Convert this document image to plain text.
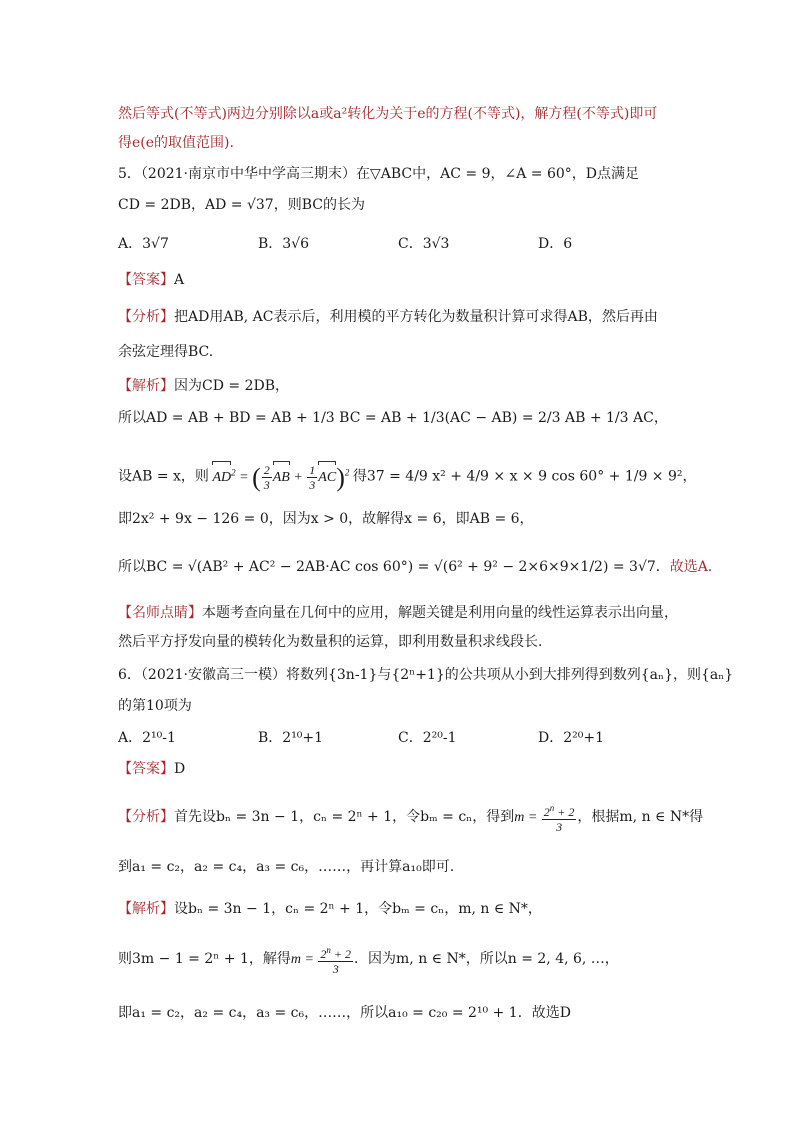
然后等式(不等式)两边分别除以a或a²转化为关于e的方程(不等式)，解方程(不等式)即可
得e(e的取值范围).
5．（2021·南京市中华中学高三期末）在▽ABC中，AC = 9，∠A = 60°，D点满足
CD = 2DB，AD = √37，则BC的长为
A．3√7	B．3√6	C．3√3	D．6
【答案】A
【分析】把AD用AB, AC表示后，利用模的平方转化为数量积计算可求得AB，然后再由
余弦定理得BC.
【解析】因为CD = 2DB，
所以AD = AB + BD = AB + 1/3 BC = AB + 1/3(AC − AB) = 2/3 AB + 1/3 AC，
设AB = x，则 $AD^2$ = ( $\frac{2}{3}$ AB + $\frac{1}{3} AC)^2$ 得37 = 4/9 x² + 4/9 × x × 9 cos 60° + 1/9 × 9²，
即2x² + 9x − 126 = 0，因为x > 0，故解得x = 6，即AB = 6，
所以BC = √(AB² + AC² − 2AB·AC cos 60°) = √(6² + 9² − 2×6×9×1/2) = 3√7．故选A．
【名师点睛】本题考查向量在几何中的应用，解题关键是利用向量的线性运算表示出向量，
然后平方抒发向量的模转化为数量积的运算，即利用数量积求线段长.
6．（2021·安徽高三一模）将数列{3n-1}与{2ⁿ+1}的公共项从小到大排列得到数列{aₙ}，则{aₙ}
的第10项为
A．2¹⁰-1	B．2¹⁰+1	C．2²⁰-1	D．2²⁰+1
【答案】D
【分析】首先设bₙ = 3n − 1，cₙ = 2ⁿ + 1，令bₘ = cₙ，得到$m = \frac{2^n + 2}{3}$ ，根据m, n ∈ N*得
到a₁ = c₂，a₂ = c₄，a₃ = c₆，……，再计算a₁₀即可.
【解析】设bₙ = 3n − 1，cₙ = 2ⁿ + 1，令bₘ = cₙ，m, n ∈ N*，
则3m − 1 = 2ⁿ + 1，解得$m = \frac{2^n + 2}{3}$ ．因为m, n ∈ N*，所以n = 2, 4, 6, …，
即a₁ = c₂，a₂ = c₄，a₃ = c₆，……，所以a₁₀ = c₂₀ = 2¹⁰ + 1．故选D
